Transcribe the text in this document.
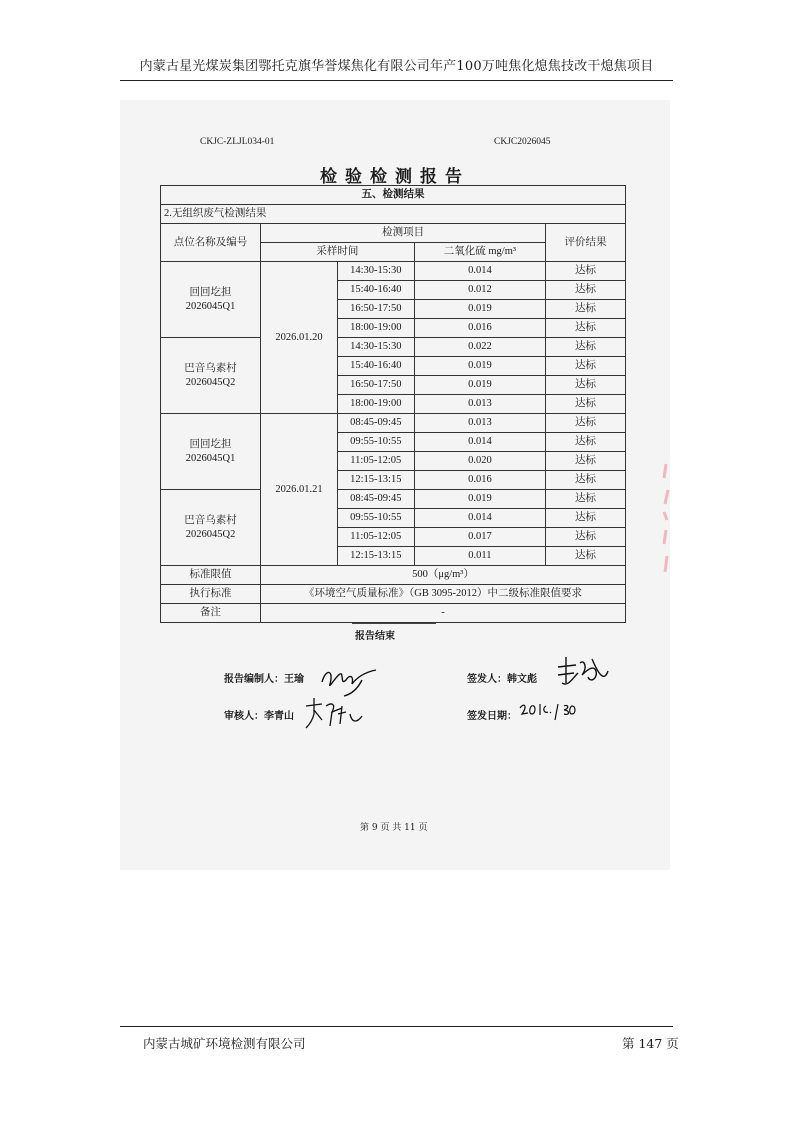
内蒙古星光煤炭集团鄂托克旗华誉煤焦化有限公司年产100万吨焦化熄焦技改干熄焦项目
CKJC-ZLJL034-01	CKJC2026045
检验检测报告
五、检测结果				
2.无组织废气检测结果				
点位名称及编号	检测项目			评价结果
	采样时间		二氧化硫 mg/m³	

回回圪担
2026045Q1	2026.01.20	14:30-15:30	0.014	达标
		15:40-16:40	0.012	达标
		16:50-17:50	0.019	达标
		18:00-19:00	0.016	达标

巴音乌素村
2026045Q2		14:30-15:30	0.022	达标
		15:40-16:40	0.019	达标
		16:50-17:50	0.019	达标
		18:00-19:00	0.013	达标

回回圪担
2026045Q1	2026.01.21	08:45-09:45	0.013	达标
		09:55-10:55	0.014	达标
		11:05-12:05	0.020	达标
		12:15-13:15	0.016	达标

巴音乌素村
2026045Q2		08:45-09:45	0.019	达标
		09:55-10:55	0.014	达标
		11:05-12:05	0.017	达标
		12:15-13:15	0.011	达标
标准限值	500（μg/m³）			
执行标准	《环境空气质量标准》（GB 3095-2012）中二级标准限值要求			
备注	-			
报告结束
报告编制人：王瑜	签发人：韩文彪
审核人：李青山	签发日期：
第 9 页 共 11 页
内蒙古城矿环境检测有限公司	第 147 页
